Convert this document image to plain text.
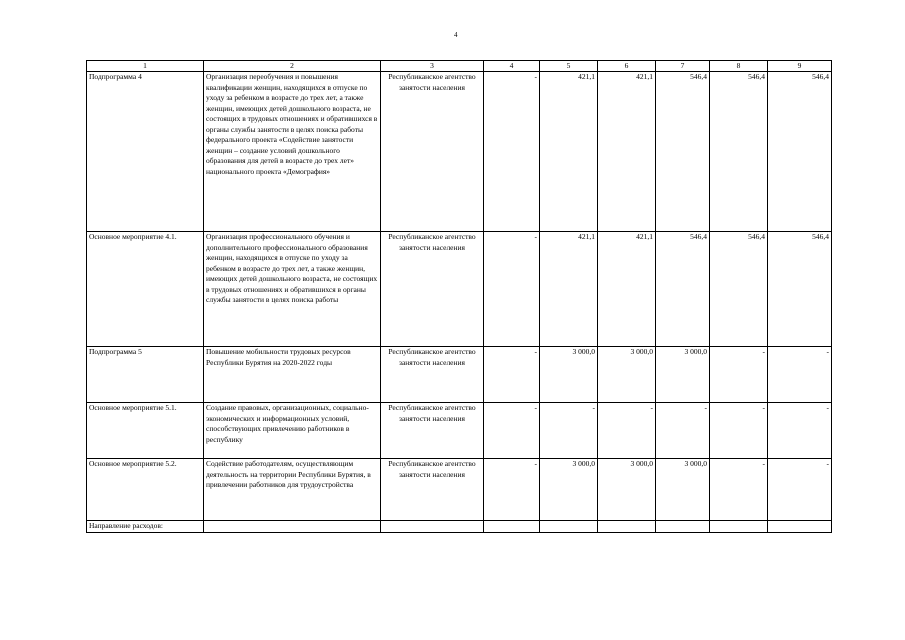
4
1	2	3	4	5	6	7	8	9
Подпрограмма 4	Организация переобучения и повышения квалификации женщин, находящихся в отпуске по уходу за ребенком в возрасте до трех лет, а также женщин, имеющих детей дошкольного возраста, не состоящих в трудовых отношениях и обратившихся в органы службы занятости в целях поиска работы федерального проекта «Содействие занятости женщин – создание условий дошкольного образования для детей в возрасте до трех лет» национального проекта «Демография»	Республиканское агентство занятости населения	-	421,1	421,1	546,4	546,4	546,4
Основное мероприятие 4.1.	Организация профессионального обучения и дополнительного профессионального образования женщин, находящихся в отпуске по уходу за ребенком в возрасте до трех лет, а также женщин, имеющих детей дошкольного возраста, не состоящих в трудовых отношениях и обратившихся в органы службы занятости в целях поиска работы	Республиканское агентство занятости населения	-	421,1	421,1	546,4	546,4	546,4
Подпрограмма 5	Повышение мобильности трудовых ресурсов Республики Бурятия на 2020-2022 годы	Республиканское агентство занятости населения	-	3 000,0	3 000,0	3 000,0	-	-
Основное мероприятие 5.1.	Создание правовых, организационных, социально-экономических и информационных условий, способствующих привлечению работников в республику	Республиканское агентство занятости населения	-	-	-	-	-	-
Основное мероприятие 5.2.	Содействие работодателям, осуществляющим деятельность на территории Республики Бурятия, в привлечении работников для трудоустройства	Республиканское агентство занятости населения	-	3 000,0	3 000,0	3 000,0	-	-
Направление расходов:								
